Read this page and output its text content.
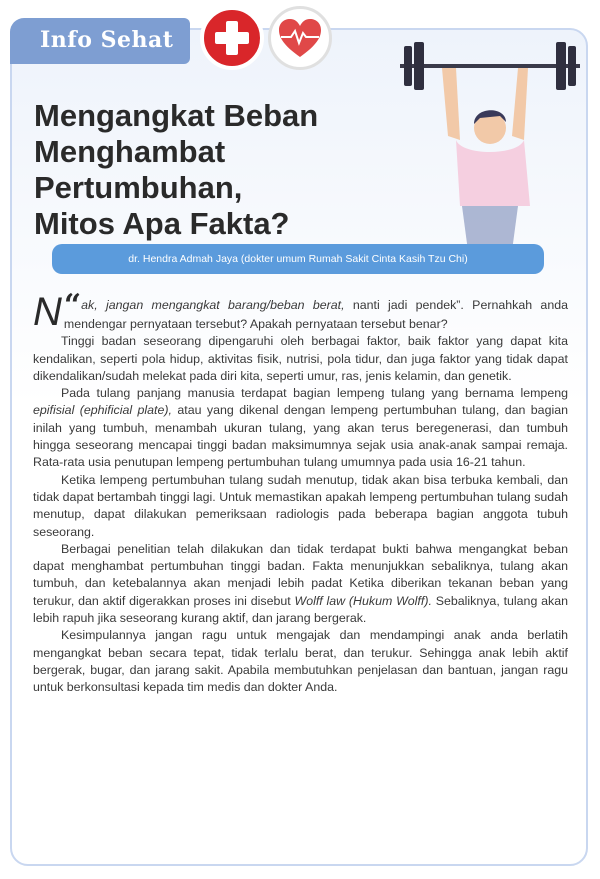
Info Sehat
Mengangkat Beban
Menghambat Pertumbuhan,
Mitos Apa Fakta?
dr. Hendra Admah Jaya (dokter umum Rumah Sakit Cinta Kasih Tzu Chi)

“
N ak, jangan mengangkat barang/beban berat, nanti jadi pendek”. Pernahkah anda mendengar pernyataan tersebut? Apakah pernyataan tersebut benar?

Tinggi badan seseorang dipengaruhi oleh berbagai faktor, baik faktor yang dapat kita kendalikan, seperti pola hidup, aktivitas fisik, nutrisi, pola tidur, dan juga faktor yang tidak dapat dikendalikan/sudah melekat pada diri kita, seperti umur, ras, jenis kelamin, dan genetik.

Pada tulang panjang manusia terdapat bagian lempeng tulang yang bernama lempeng epifisial (ephificial plate), atau yang dikenal dengan lempeng pertumbuhan tulang, dan bagian inilah yang tumbuh, menambah ukuran tulang, yang akan terus beregenerasi, dan tumbuh hingga seseorang mencapai tinggi badan maksimumnya sejak usia anak-anak sampai remaja. Rata-rata usia penutupan lempeng pertumbuhan tulang umumnya pada usia 16-21 tahun.

Ketika lempeng pertumbuhan tulang sudah menutup, tidak akan bisa terbuka kembali, dan tidak dapat bertambah tinggi lagi. Untuk memastikan apakah lempeng pertumbuhan tulang sudah menutup, dapat dilakukan pemeriksaan radiologis pada beberapa bagian anggota tubuh seseorang.

Berbagai penelitian telah dilakukan dan tidak terdapat bukti bahwa mengangkat beban dapat menghambat pertumbuhan tinggi badan. Fakta menunjukkan sebaliknya, tulang akan tumbuh, dan ketebalannya akan menjadi lebih padat Ketika diberikan tekanan beban yang terukur, dan aktif digerakkan proses ini disebut Wolff law (Hukum Wolff). Sebaliknya, tulang akan lebih rapuh jika seseorang kurang aktif, dan jarang bergerak.

Kesimpulannya jangan ragu untuk mengajak dan mendampingi anak anda berlatih mengangkat beban secara tepat, tidak terlalu berat, dan terukur. Sehingga anak lebih aktif bergerak, bugar, dan jarang sakit. Apabila membutuhkan penjelasan dan bantuan, jangan ragu untuk berkonsultasi kepada tim medis dan dokter Anda.
